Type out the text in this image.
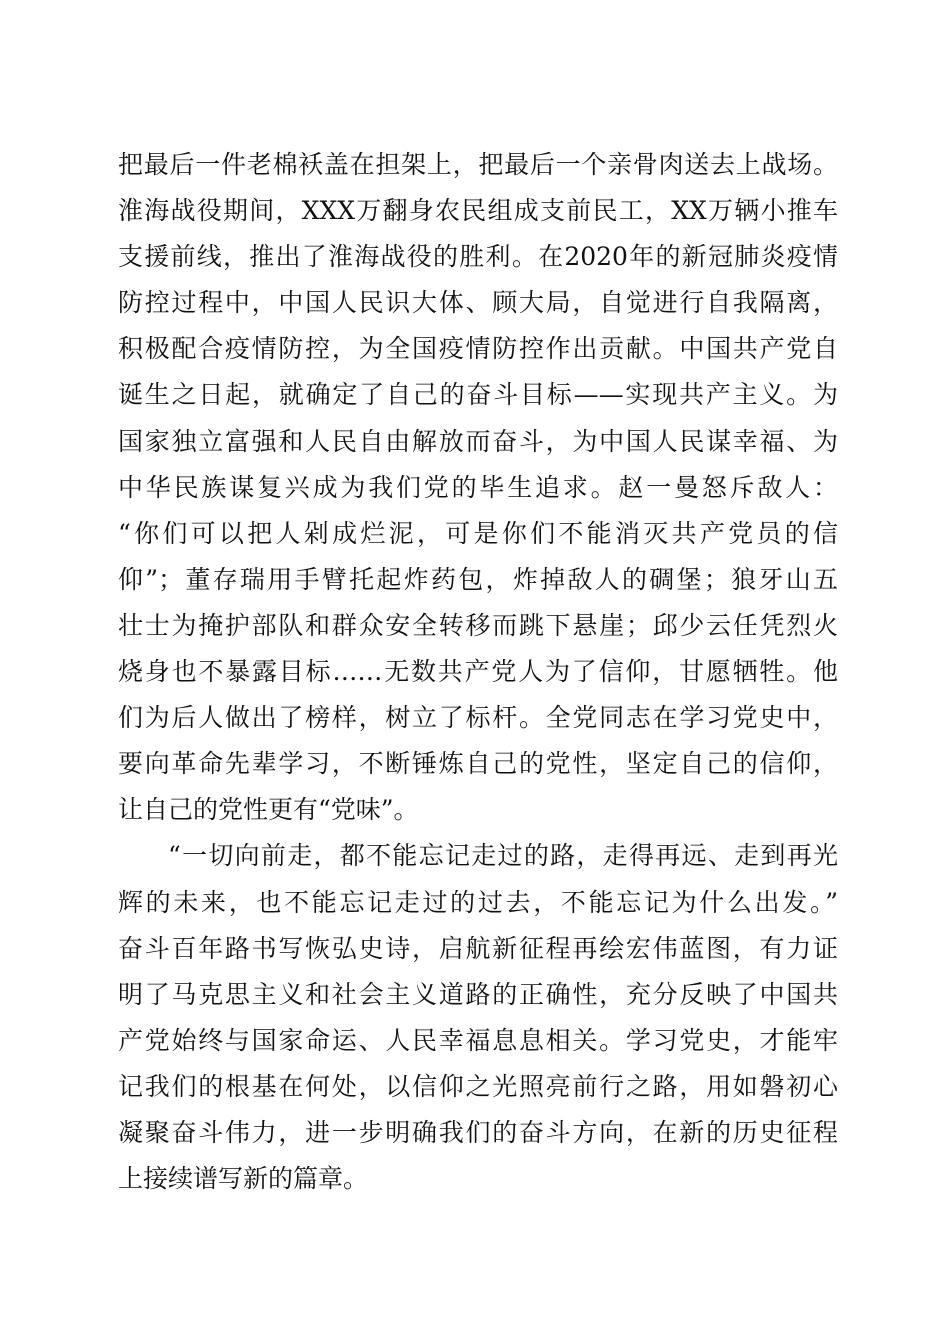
把最后一件老棉袄盖在担架上，把最后一个亲骨肉送去上战场。
淮海战役期间，XXX万翻身农民组成支前民工，XX万辆小推车
支援前线，推出了淮海战役的胜利。在2020年的新冠肺炎疫情
防控过程中，中国人民识大体、顾大局，自觉进行自我隔离，
积极配合疫情防控，为全国疫情防控作出贡献。中国共产党自
诞生之日起，就确定了自己的奋斗目标——实现共产主义。为
国家独立富强和人民自由解放而奋斗，为中国人民谋幸福、为
中华民族谋复兴成为我们党的毕生追求。赵一曼怒斥敌人：
“你们可以把人剁成烂泥，可是你们不能消灭共产党员的信
仰”；董存瑞用手臂托起炸药包，炸掉敌人的碉堡；狼牙山五
壮士为掩护部队和群众安全转移而跳下悬崖；邱少云任凭烈火
烧身也不暴露目标……无数共产党人为了信仰，甘愿牺牲。他
们为后人做出了榜样，树立了标杆。全党同志在学习党史中，
要向革命先辈学习，不断锤炼自己的党性，坚定自己的信仰，
让自己的党性更有“党味”。
“一切向前走，都不能忘记走过的路，走得再远、走到再光
辉的未来，也不能忘记走过的过去，不能忘记为什么出发。”
奋斗百年路书写恢弘史诗，启航新征程再绘宏伟蓝图，有力证
明了马克思主义和社会主义道路的正确性，充分反映了中国共
产党始终与国家命运、人民幸福息息相关。学习党史，才能牢
记我们的根基在何处，以信仰之光照亮前行之路，用如磐初心
凝聚奋斗伟力，进一步明确我们的奋斗方向，在新的历史征程
上接续谱写新的篇章。
